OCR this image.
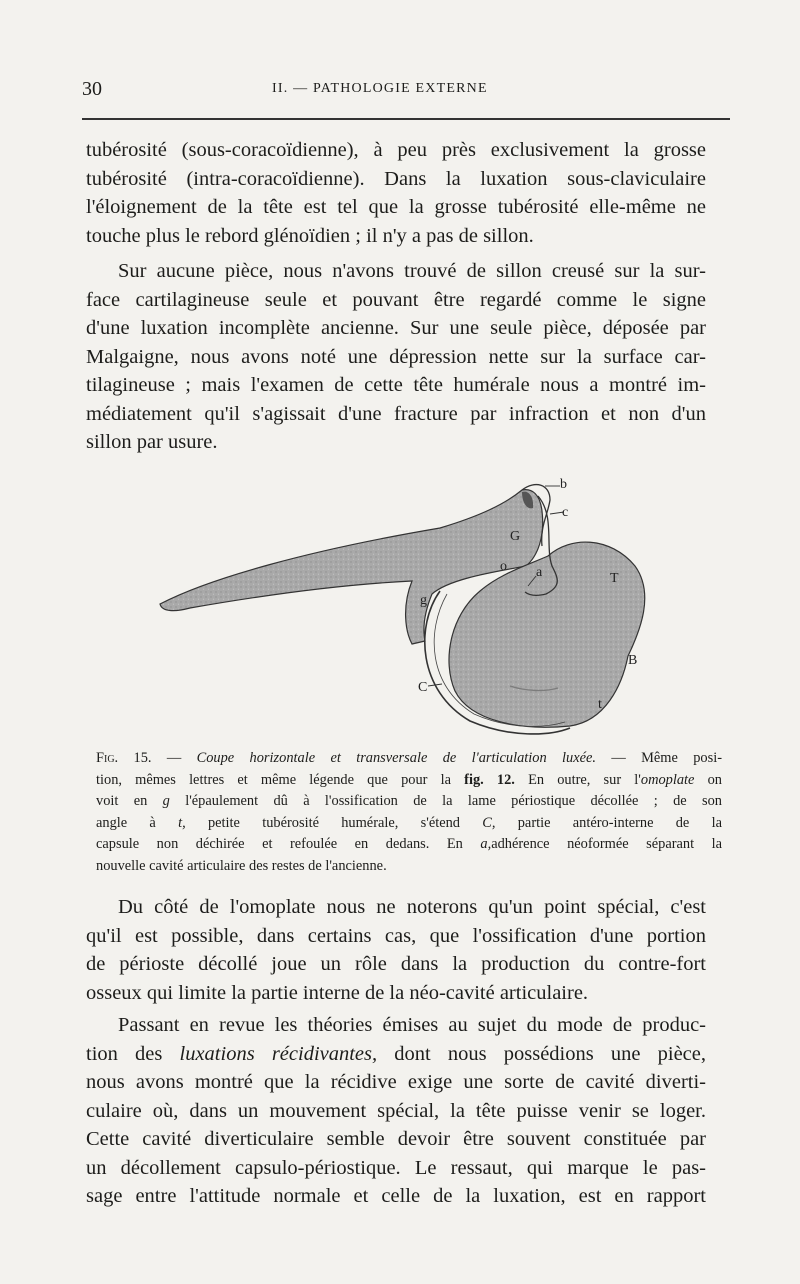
30	II. — PATHOLOGIE EXTERNE
tubérosité (sous-coracoïdienne), à peu près exclusivement la grosse
tubérosité (intra-coracoïdienne). Dans la luxation sous-claviculaire
l'éloignement de la tête est tel que la grosse tubérosité elle-même ne
touche plus le rebord glénoïdien ; il n'y a pas de sillon.
Sur aucune pièce, nous n'avons trouvé de sillon creusé sur la sur-
face cartilagineuse seule et pouvant être regardé comme le signe
d'une luxation incomplète ancienne. Sur une seule pièce, déposée par
Malgaigne, nous avons noté une dépression nette sur la surface car-
tilagineuse ; mais l'examen de cette tête humérale nous a montré im-
médiatement qu'il s'agissait d'une fracture par infraction et non d'un
sillon par usure.
b
c
G
o a	T
g
B
C
t
Fig. 15. — Coupe horizontale et transversale de l'articulation luxée. — Même posi-
tion, mêmes lettres et même légende que pour la fig. 12. En outre, sur l'omoplate on
voit en g l'épaulement dû à l'ossification de la lame périostique décollée ; de son
angle à t, petite tubérosité humérale, s'étend C, partie antéro-interne de la
capsule non déchirée et refoulée en dedans. En a,adhérence néoformée séparant la
nouvelle cavité articulaire des restes de l'ancienne.
Du côté de l'omoplate nous ne noterons qu'un point spécial, c'est
qu'il est possible, dans certains cas, que l'ossification d'une portion
de périoste décollé joue un rôle dans la production du contre-fort
osseux qui limite la partie interne de la néo-cavité articulaire.
Passant en revue les théories émises au sujet du mode de produc-
tion des luxations récidivantes, dont nous possédions une pièce,
nous avons montré que la récidive exige une sorte de cavité diverti-
culaire où, dans un mouvement spécial, la tête puisse venir se loger.
Cette cavité diverticulaire semble devoir être souvent constituée par
un décollement capsulo-périostique. Le ressaut, qui marque le pas-
sage entre l'attitude normale et celle de la luxation, est en rapport
